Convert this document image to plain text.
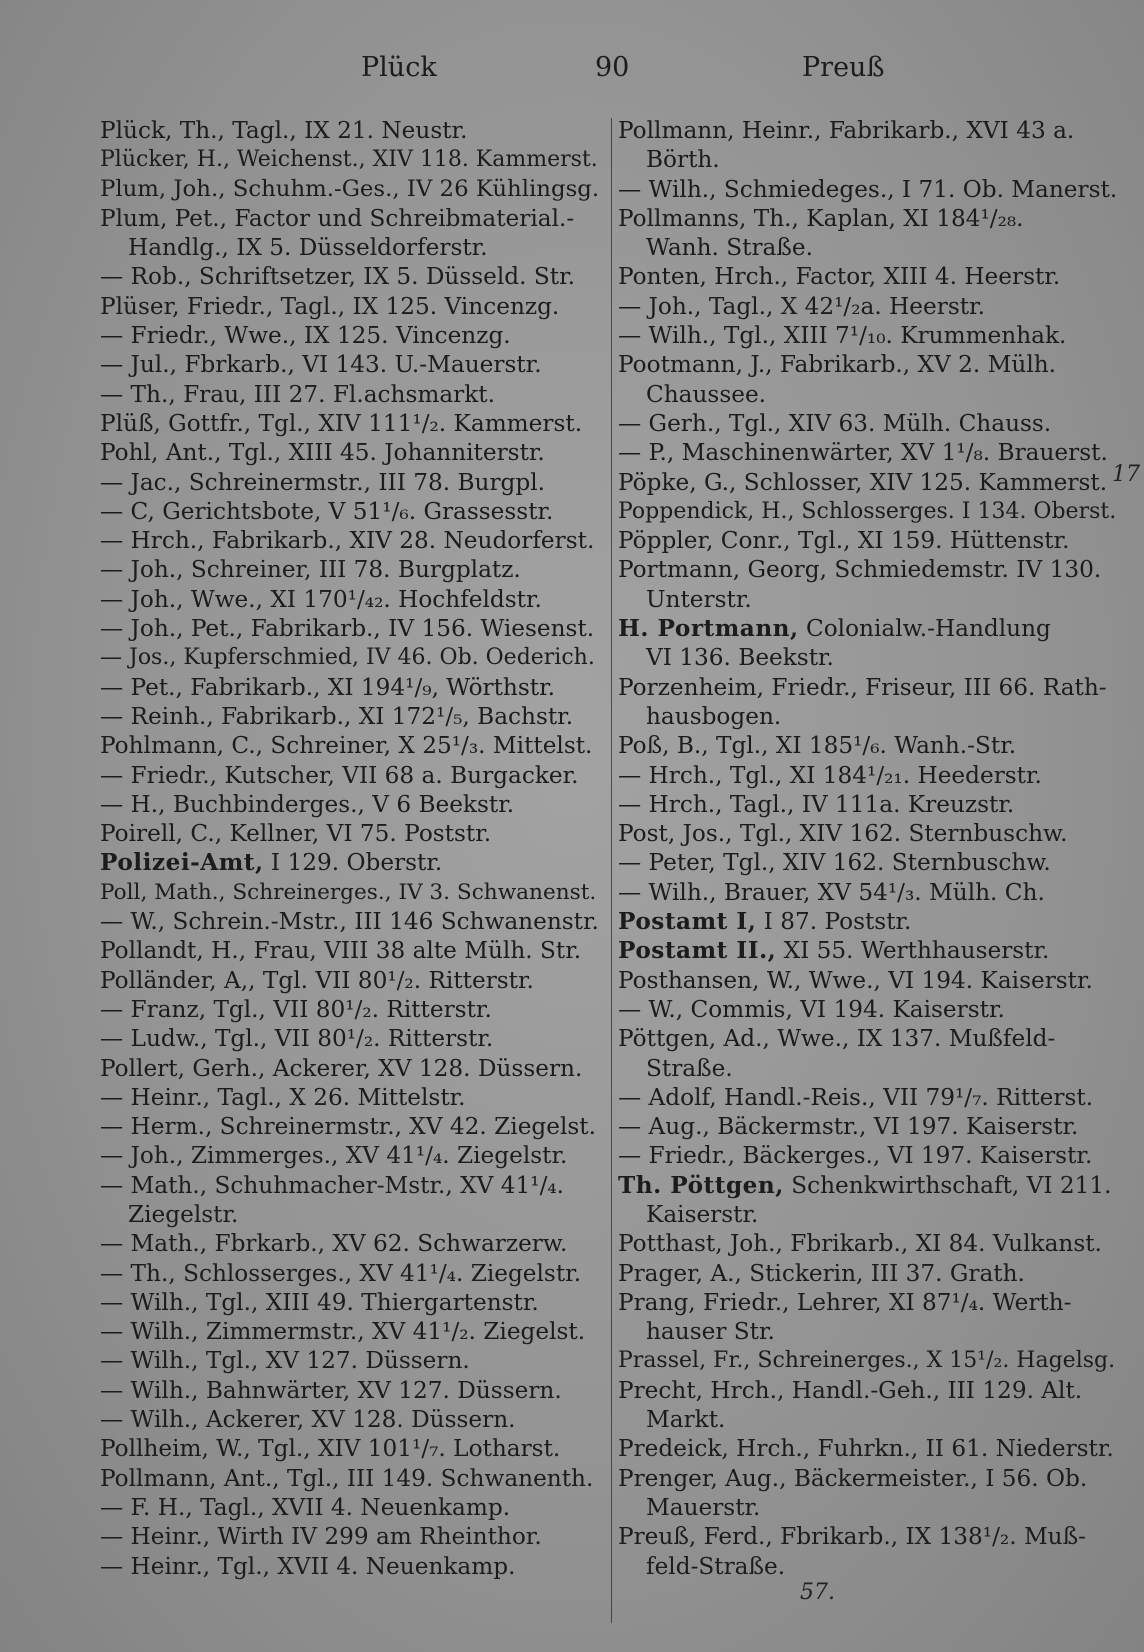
Plück	90	Preuß
Plück, Th., Tagl., IX 21. Neustr.
Plücker, H., Weichenst., XIV 118. Kammerst.
Plum, Joh., Schuhm.-Ges., IV 26 Kühlingsg.
Plum, Pet., Factor und Schreibmaterial.-
Handlg., IX 5. Düsseldorferstr.
— Rob., Schriftsetzer, IX 5. Düsseld. Str.
Plüser, Friedr., Tagl., IX 125. Vincenzg.
— Friedr., Wwe., IX 125. Vincenzg.
— Jul., Fbrkarb., VI 143. U.-Mauerstr.
— Th., Frau, III 27. Fl.achsmarkt.
Plüß, Gottfr., Tgl., XIV 111¹/₂. Kammerst.
Pohl, Ant., Tgl., XIII 45. Johanniterstr.
— Jac., Schreinermstr., III 78. Burgpl.
— C, Gerichtsbote, V 51¹/₆. Grassesstr.
— Hrch., Fabrikarb., XIV 28. Neudorferst.
— Joh., Schreiner, III 78. Burgplatz.
— Joh., Wwe., XI 170¹/₄₂. Hochfeldstr.
— Joh., Pet., Fabrikarb., IV 156. Wiesenst.
— Jos., Kupferschmied, IV 46. Ob. Oederich.
— Pet., Fabrikarb., XI 194¹/₉, Wörthstr.
— Reinh., Fabrikarb., XI 172¹/₅, Bachstr.
Pohlmann, C., Schreiner, X 25¹/₃. Mittelst.
— Friedr., Kutscher, VII 68 a. Burgacker.
— H., Buchbinderges., V 6 Beekstr.
Poirell, C., Kellner, VI 75. Poststr.
Polizei-Amt, I 129. Oberstr.
Poll, Math., Schreinerges., IV 3. Schwanenst.
— W., Schrein.-Mstr., III 146 Schwanenstr.
Pollandt, H., Frau, VIII 38 alte Mülh. Str.
Polländer, A,, Tgl. VII 80¹/₂. Ritterstr.
— Franz, Tgl., VII 80¹/₂. Ritterstr.
— Ludw., Tgl., VII 80¹/₂. Ritterstr.
Pollert, Gerh., Ackerer, XV 128. Düssern.
— Heinr., Tagl., X 26. Mittelstr.
— Herm., Schreinermstr., XV 42. Ziegelst.
— Joh., Zimmerges., XV 41¹/₄. Ziegelstr.
— Math., Schuhmacher-Mstr., XV 41¹/₄.
Ziegelstr.
— Math., Fbrkarb., XV 62. Schwarzerw.
— Th., Schlosserges., XV 41¹/₄. Ziegelstr.
— Wilh., Tgl., XIII 49. Thiergartenstr.
— Wilh., Zimmermstr., XV 41¹/₂. Ziegelst.
— Wilh., Tgl., XV 127. Düssern.
— Wilh., Bahnwärter, XV 127. Düssern.
— Wilh., Ackerer, XV 128. Düssern.
Pollheim, W., Tgl., XIV 101¹/₇. Lotharst.
Pollmann, Ant., Tgl., III 149. Schwanenth.
— F. H., Tagl., XVII 4. Neuenkamp.
— Heinr., Wirth IV 299 am Rheinthor.
— Heinr., Tgl., XVII 4. Neuenkamp.
Pollmann, Heinr., Fabrikarb., XVI 43 a.
Börth.
— Wilh., Schmiedeges., I 71. Ob. Manerst.
Pollmanns, Th., Kaplan, XI 184¹/₂₈.
Wanh. Straße.
Ponten, Hrch., Factor, XIII 4. Heerstr.
— Joh., Tagl., X 42¹/₂a. Heerstr.
— Wilh., Tgl., XIII 7¹/₁₀. Krummenhak.
Pootmann, J., Fabrikarb., XV 2. Mülh.
Chaussee.
— Gerh., Tgl., XIV 63. Mülh. Chauss.
— P., Maschinenwärter, XV 1¹/₈. Brauerst.
Pöpke, G., Schlosser, XIV 125. Kammerst.
Poppendick, H., Schlosserges. I 134. Oberst.
Pöppler, Conr., Tgl., XI 159. Hüttenstr.
Portmann, Georg, Schmiedemstr. IV 130.
Unterstr.
H. Portmann, Colonialw.-Handlung
VI 136. Beekstr.
Porzenheim, Friedr., Friseur, III 66. Rath-
hausbogen.
Poß, B., Tgl., XI 185¹/₆. Wanh.-Str.
— Hrch., Tgl., XI 184¹/₂₁. Heederstr.
— Hrch., Tagl., IV 111a. Kreuzstr.
Post, Jos., Tgl., XIV 162. Sternbuschw.
— Peter, Tgl., XIV 162. Sternbuschw.
— Wilh., Brauer, XV 54¹/₃. Mülh. Ch.
Postamt I, I 87. Poststr.
Postamt II., XI 55. Werthhauserstr.
Posthansen, W., Wwe., VI 194. Kaiserstr.
— W., Commis, VI 194. Kaiserstr.
Pöttgen, Ad., Wwe., IX 137. Mußfeld-
Straße.
— Adolf, Handl.-Reis., VII 79¹/₇. Ritterst.
— Aug., Bäckermstr., VI 197. Kaiserstr.
— Friedr., Bäckerges., VI 197. Kaiserstr.
Th. Pöttgen, Schenkwirthschaft, VI 211.
Kaiserstr.
Potthast, Joh., Fbrikarb., XI 84. Vulkanst.
Prager, A., Stickerin, III 37. Grath.
Prang, Friedr., Lehrer, XI 87¹/₄. Werth-
hauser Str.
Prassel, Fr., Schreinerges., X 15¹/₂. Hagelsg.
Precht, Hrch., Handl.-Geh., III 129. Alt.
Markt.
Predeick, Hrch., Fuhrkn., II 61. Niederstr.
Prenger, Aug., Bäckermeister., I 56. Ob.
Mauerstr.
Preuß, Ferd., Fbrikarb., IX 138¹/₂. Muß-
feld-Straße.
17
57.
